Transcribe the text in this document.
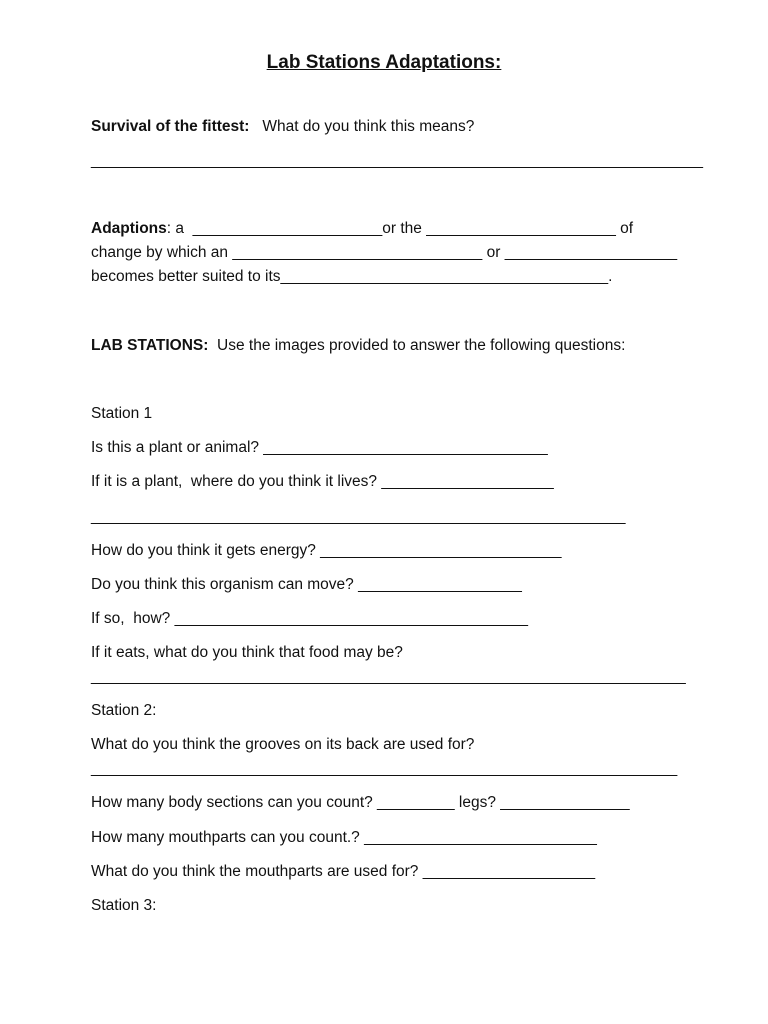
Lab Stations Adaptations:
Survival of the fittest: What do you think this means?
_______________________________________________________________________
Adaptions: a  ______________________or the ______________________ of
change by which an _____________________________ or ____________________
becomes better suited to its______________________________________.
LAB STATIONS: Use the images provided to answer the following questions:
Station 1
Is this a plant or animal? _________________________________
If it is a plant,  where do you think it lives? ____________________
______________________________________________________________
How do you think it gets energy? ____________________________
Do you think this organism can move? ___________________
If so,  how? _________________________________________
If it eats, what do you think that food may be?
_____________________________________________________________________
Station 2:
What do you think the grooves on its back are used for?
____________________________________________________________________
How many body sections can you count? _________ legs? _______________
How many mouthparts can you count.? ___________________________
What do you think the mouthparts are used for? ____________________
Station 3:
